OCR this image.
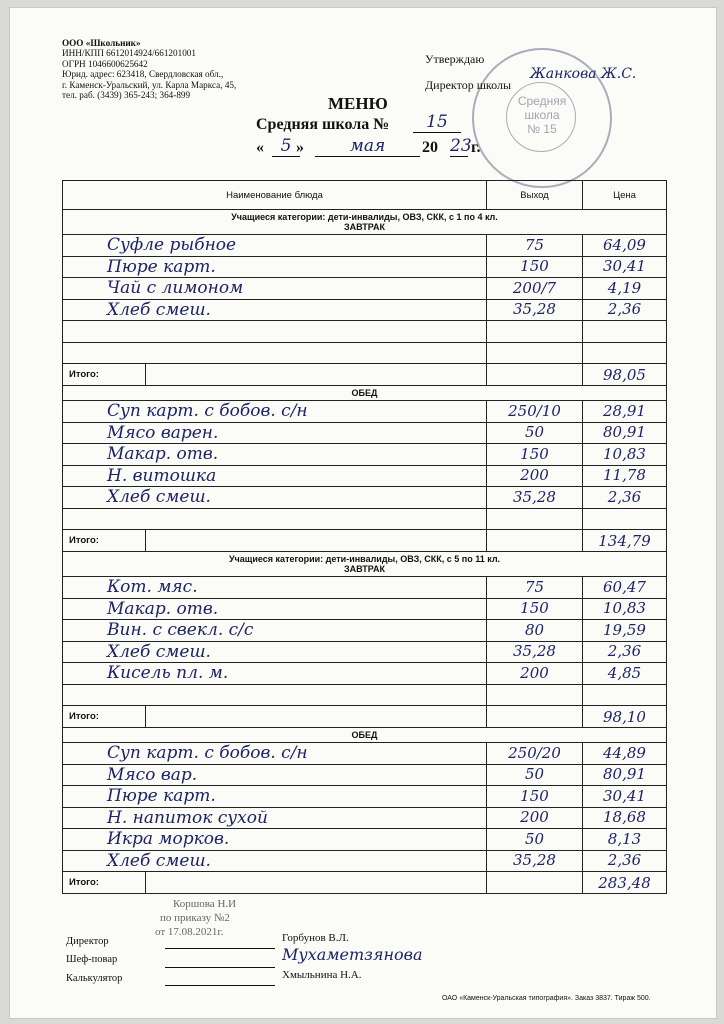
ООО «Школьник»
ИНН/КПП 6612014924/661201001
ОГРН 1046600625642
Юрид. адрес: 623418, Свердловская обл.,
г. Каменск-Уральский, ул. Карла Маркса, 45,
тел. раб. (3439) 365-243; 364-899	Средняя
школа
№ 15
Утверждаю
Директор школы
Жанкова Ж.С.
МЕНЮ
Средняя школа №	15
« »	20 г.
5	мая	23
Наименование блюда		Выход	Цена

Учащиеся категории: дети-инвалиды, ОВЗ, СКК, с 1 по 4 кл.
ЗАВТРАК			

Суфле рыбное		75	64,09
Пюре карт.		150	30,41
Чай с лимоном		200/7	4,19
Хлеб смеш.		35,28	2,36

Итого:			98,05

ОБЕД			

Суп карт. с бобов. с/н		250/10	28,91
Мясо варен.		50	80,91
Макар. отв.		150	10,83
Н. витошка		200	11,78
Хлеб смеш.		35,28	2,36

Итого:			134,79

Учащиеся категории: дети-инвалиды, ОВЗ, СКК, с 5 по 11 кл.
ЗАВТРАК			

Кот. мяс.		75	60,47
Макар. отв.		150	10,83
Вин. с свекл. с/с		80	19,59
Хлеб смеш.		35,28	2,36
Кисель пл. м.		200	4,85

Итого:			98,10

ОБЕД			

Суп карт. с бобов. с/н		250/20	44,89
Мясо вар.		50	80,91
Пюре карт.		150	30,41
Н. напиток сухой		200	18,68
Икра морков.		50	8,13
Хлеб смеш.		35,28	2,36
Итого:			283,48
Директор	Горбунов В.Л.
Шеф-повар	Мухаметзянова
Калькулятор	Хмыльнина Н.А.
Коршова Н.И
по приказу №2
от 17.08.2021г.
ОАО «Каменск-Уральская типография». Заказ 3837. Тираж 500.
